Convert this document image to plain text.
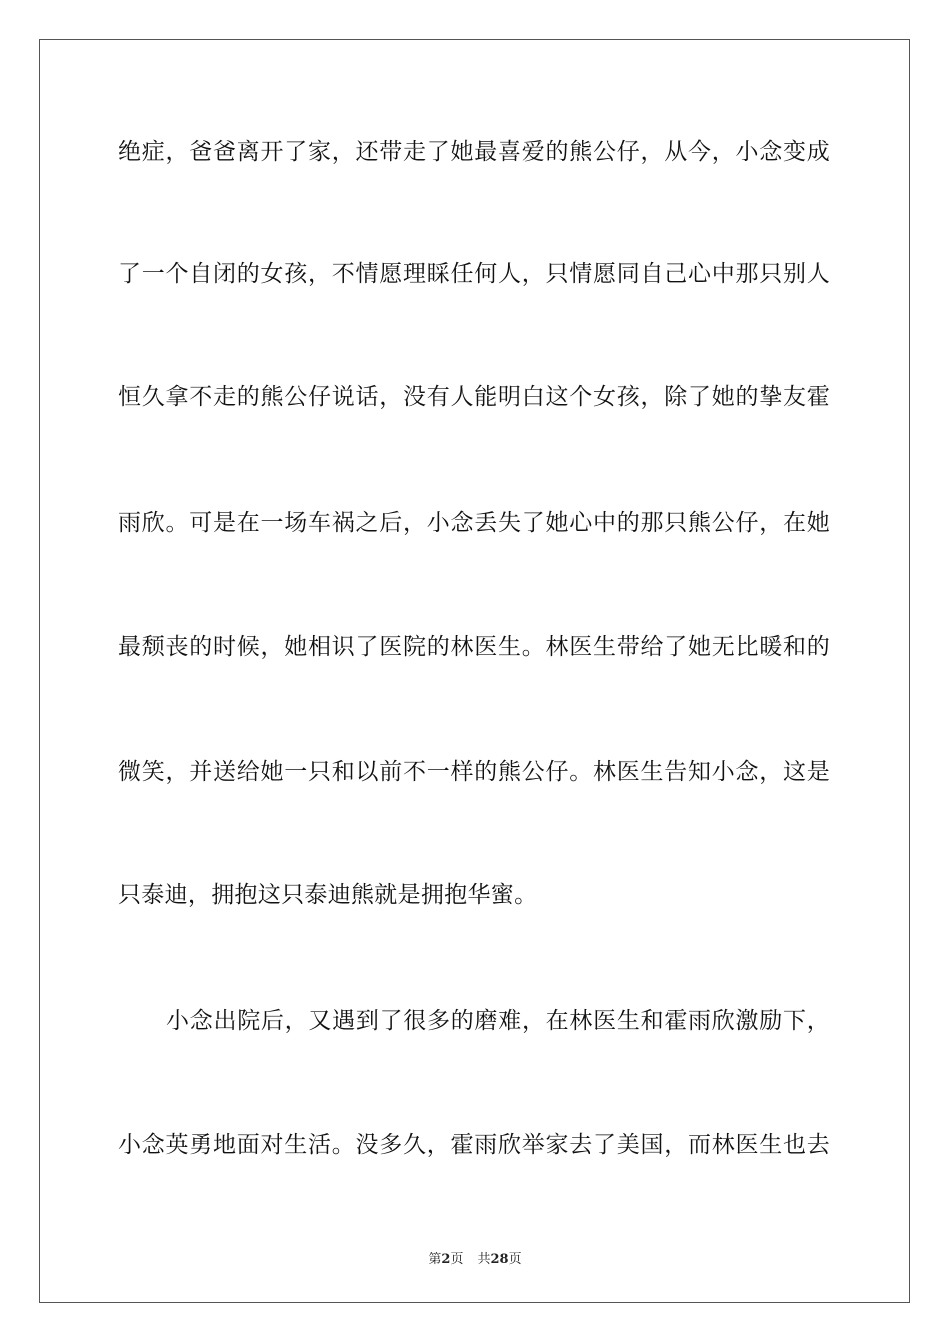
绝症，爸爸离开了家，还带走了她最喜爱的熊公仔，从今，小念变成
了一个自闭的女孩，不情愿理睬任何人，只情愿同自己心中那只别人
恒久拿不走的熊公仔说话，没有人能明白这个女孩，除了她的挚友霍
雨欣。可是在一场车祸之后，小念丢失了她心中的那只熊公仔，在她
最颓丧的时候，她相识了医院的林医生。林医生带给了她无比暖和的
微笑，并送给她一只和以前不一样的熊公仔。林医生告知小念，这是
只泰迪，拥抱这只泰迪熊就是拥抱华蜜。
小念出院后，又遇到了很多的磨难，在林医生和霍雨欣激励下，
小念英勇地面对生活。没多久，霍雨欣举家去了美国，而林医生也去
第2页 共28页
